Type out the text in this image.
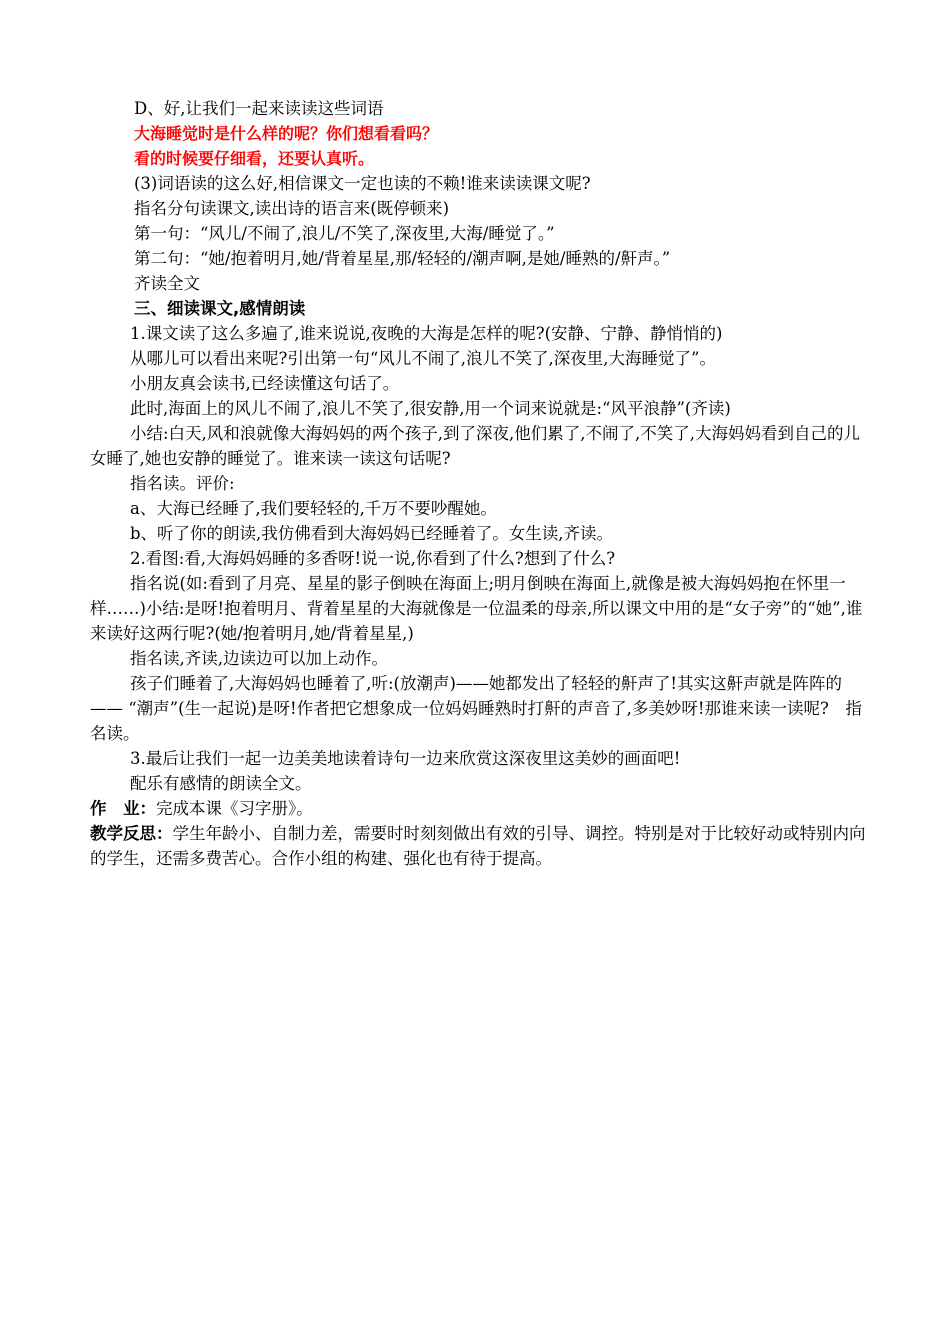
D、好,让我们一起来读读这些词语

大海睡觉时是什么样的呢？你们想看看吗？

看的时候要仔细看，还要认真听。

(3)词语读的这么好,相信课文一定也读的不赖!谁来读读课文呢?

指名分句读课文,读出诗的语言来(既停顿来)

第一句：“风儿/不闹了,浪儿/不笑了,深夜里,大海/睡觉了。”

第二句：“她/抱着明月,她/背着星星,那/轻轻的/潮声啊,是她/睡熟的/鼾声。”

齐读全文

三、细读课文,感情朗读

1.课文读了这么多遍了,谁来说说,夜晚的大海是怎样的呢?(安静、宁静、静悄悄的)

从哪儿可以看出来呢?引出第一句“风儿不闹了,浪儿不笑了,深夜里,大海睡觉了”。

小朋友真会读书,已经读懂这句话了。

此时,海面上的风儿不闹了,浪儿不笑了,很安静,用一个词来说就是:“风平浪静”(齐读)

小结:白天,风和浪就像大海妈妈的两个孩子,到了深夜,他们累了,不闹了,不笑了,大海妈妈看到自己的儿女睡了,她也安静的睡觉了。谁来读一读这句话呢?

指名读。评价:

a、大海已经睡了,我们要轻轻的,千万不要吵醒她。

b、听了你的朗读,我仿佛看到大海妈妈已经睡着了。女生读,齐读。

2.看图:看,大海妈妈睡的多香呀!说一说,你看到了什么?想到了什么?

指名说(如:看到了月亮、星星的影子倒映在海面上;明月倒映在海面上,就像是被大海妈妈抱在怀里一样……)小结:是呀!抱着明月、背着星星的大海就像是一位温柔的母亲,所以课文中用的是“女子旁”的“她”,谁来读好这两行呢?(她/抱着明月,她/背着星星,)

指名读,齐读,边读边可以加上动作。

孩子们睡着了,大海妈妈也睡着了,听:(放潮声)——她都发出了轻轻的鼾声了!其实这鼾声就是阵阵的—— “潮声”(生一起说)是呀!作者把它想象成一位妈妈睡熟时打鼾的声音了,多美妙呀!那谁来读一读呢?　指名读。

3.最后让我们一起一边美美地读着诗句一边来欣赏这深夜里这美妙的画面吧!

配乐有感情的朗读全文。

作　业：完成本课《习字册》。

教学反思：学生年龄小、自制力差，需要时时刻刻做出有效的引导、调控。特别是对于比较好动或特别内向的学生，还需多费苦心。合作小组的构建、强化也有待于提高。
